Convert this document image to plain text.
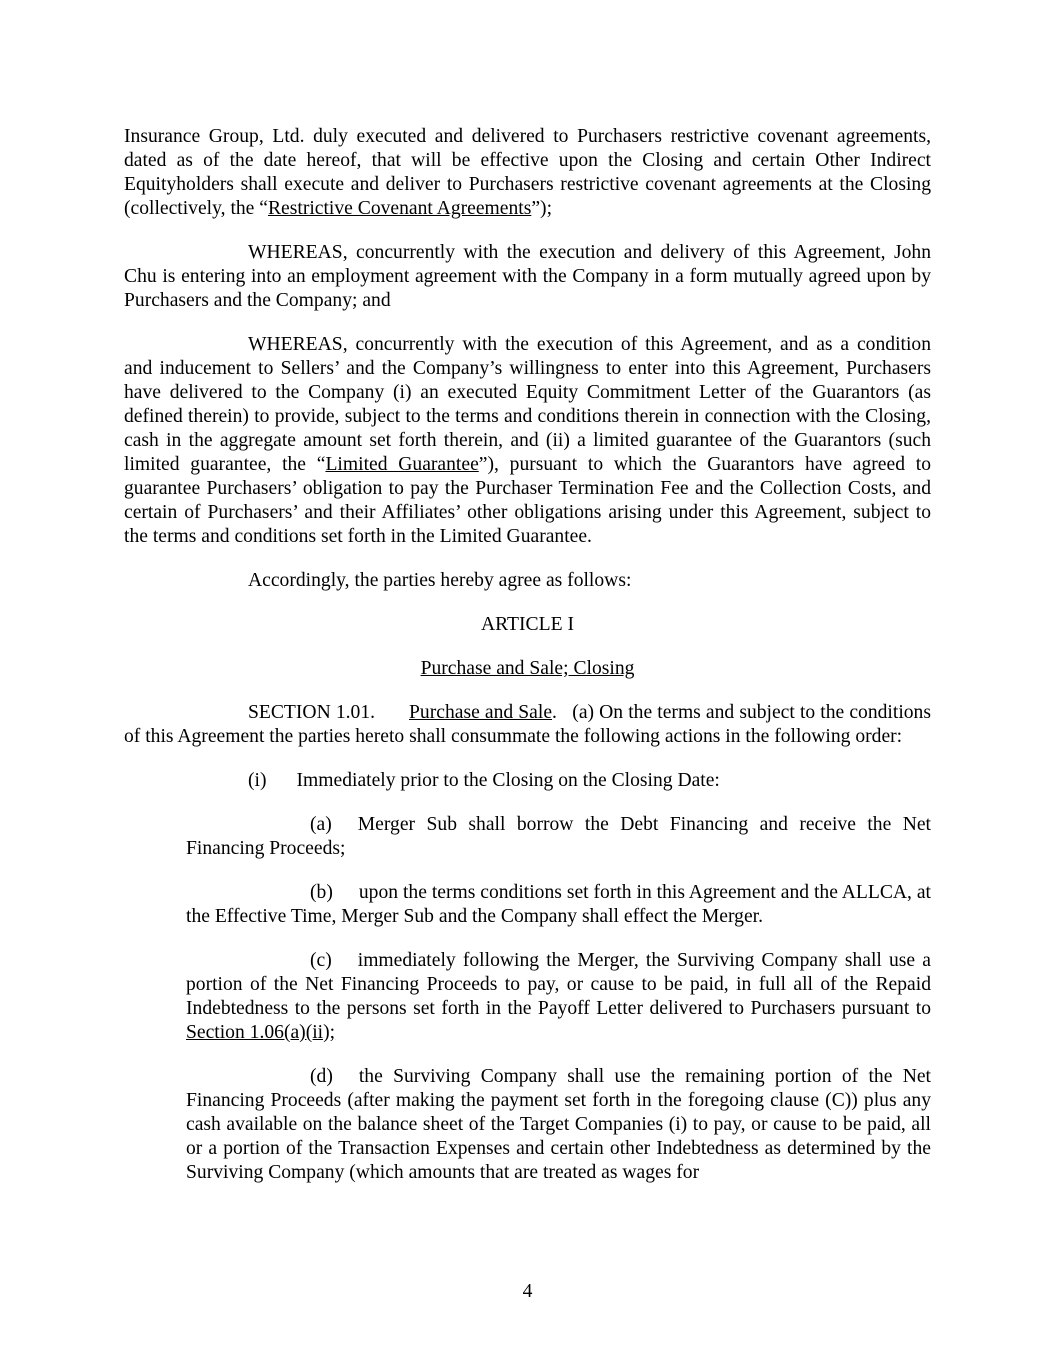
Insurance Group, Ltd. duly executed and delivered to Purchasers restrictive covenant agreements, dated as of the date hereof, that will be effective upon the Closing and certain Other Indirect Equityholders shall execute and deliver to Purchasers restrictive covenant agreements at the Closing (collectively, the “Restrictive Covenant Agreements”);

WHEREAS, concurrently with the execution and delivery of this Agreement, John Chu is entering into an employment agreement with the Company in a form mutually agreed upon by Purchasers and the Company; and

WHEREAS, concurrently with the execution of this Agreement, and as a condition and inducement to Sellers’ and the Company’s willingness to enter into this Agreement, Purchasers have delivered to the Company (i) an executed Equity Commitment Letter of the Guarantors (as defined therein) to provide, subject to the terms and conditions therein in connection with the Closing, cash in the aggregate amount set forth therein, and (ii) a limited guarantee of the Guarantors (such limited guarantee, the “Limited Guarantee”), pursuant to which the Guarantors have agreed to guarantee Purchasers’ obligation to pay the Purchaser Termination Fee and the Collection Costs, and certain of Purchasers’ and their Affiliates’ other obligations arising under this Agreement, subject to the terms and conditions set forth in the Limited Guarantee.

Accordingly, the parties hereby agree as follows:

ARTICLE I

Purchase and Sale; Closing

SECTION 1.01. Purchase and Sale. (a) On the terms and subject to the conditions of this Agreement the parties hereto shall consummate the following actions in the following order:

(i) Immediately prior to the Closing on the Closing Date:

(a) Merger Sub shall borrow the Debt Financing and receive the Net Financing Proceeds;

(b) upon the terms conditions set forth in this Agreement and the ALLCA, at the Effective Time, Merger Sub and the Company shall effect the Merger.

(c) immediately following the Merger, the Surviving Company shall use a portion of the Net Financing Proceeds to pay, or cause to be paid, in full all of the Repaid Indebtedness to the persons set forth in the Payoff Letter delivered to Purchasers pursuant to Section 1.06(a)(ii);

(d) the Surviving Company shall use the remaining portion of the Net Financing Proceeds (after making the payment set forth in the foregoing clause (C)) plus any cash available on the balance sheet of the Target Companies (i) to pay, or cause to be paid, all or a portion of the Transaction Expenses and certain other Indebtedness as determined by the Surviving Company (which amounts that are treated as wages for

4
